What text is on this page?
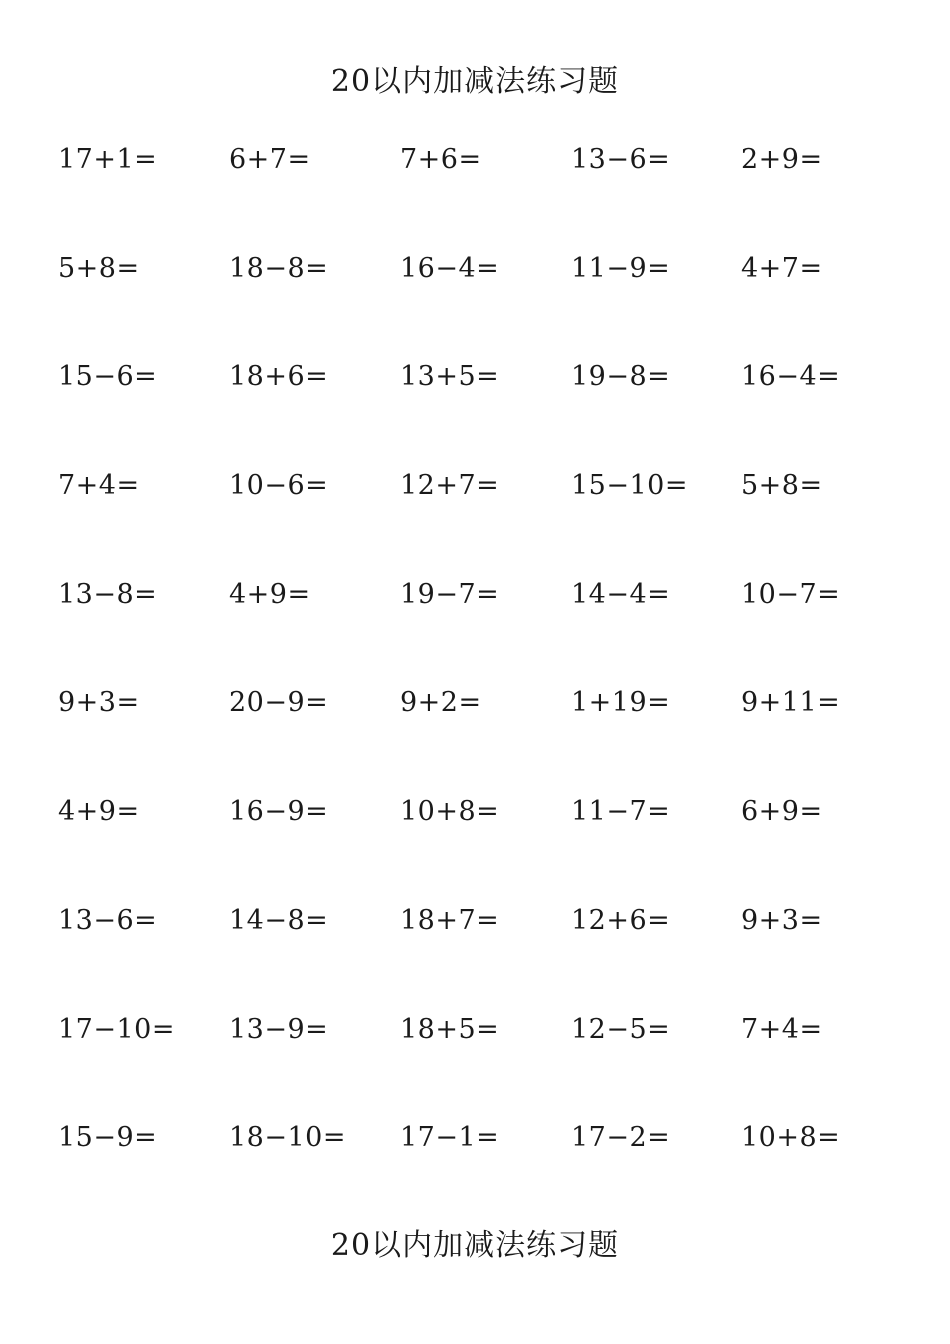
20以内加减法练习题
17+1=	6+7=	7+6=	13−6=	2+9=
5+8=	18−8=	16−4=	11−9=	4+7=
15−6=	18+6=	13+5=	19−8=	16−4=
7+4=	10−6=	12+7=	15−10= 5+8=
13−8=	4+9=	19−7=	14−4=	10−7=
9+3=	20−9=	9+2=	1+19=	9+11=
4+9=	16−9=	10+8=	11−7=	6+9=
13−6=	14−8=	18+7=	12+6=	9+3=
17−10= 13−9=	18+5=	12−5=	7+4=
15−9=	18−10= 17−1=	17−2=	10+8=
20以内加减法练习题
